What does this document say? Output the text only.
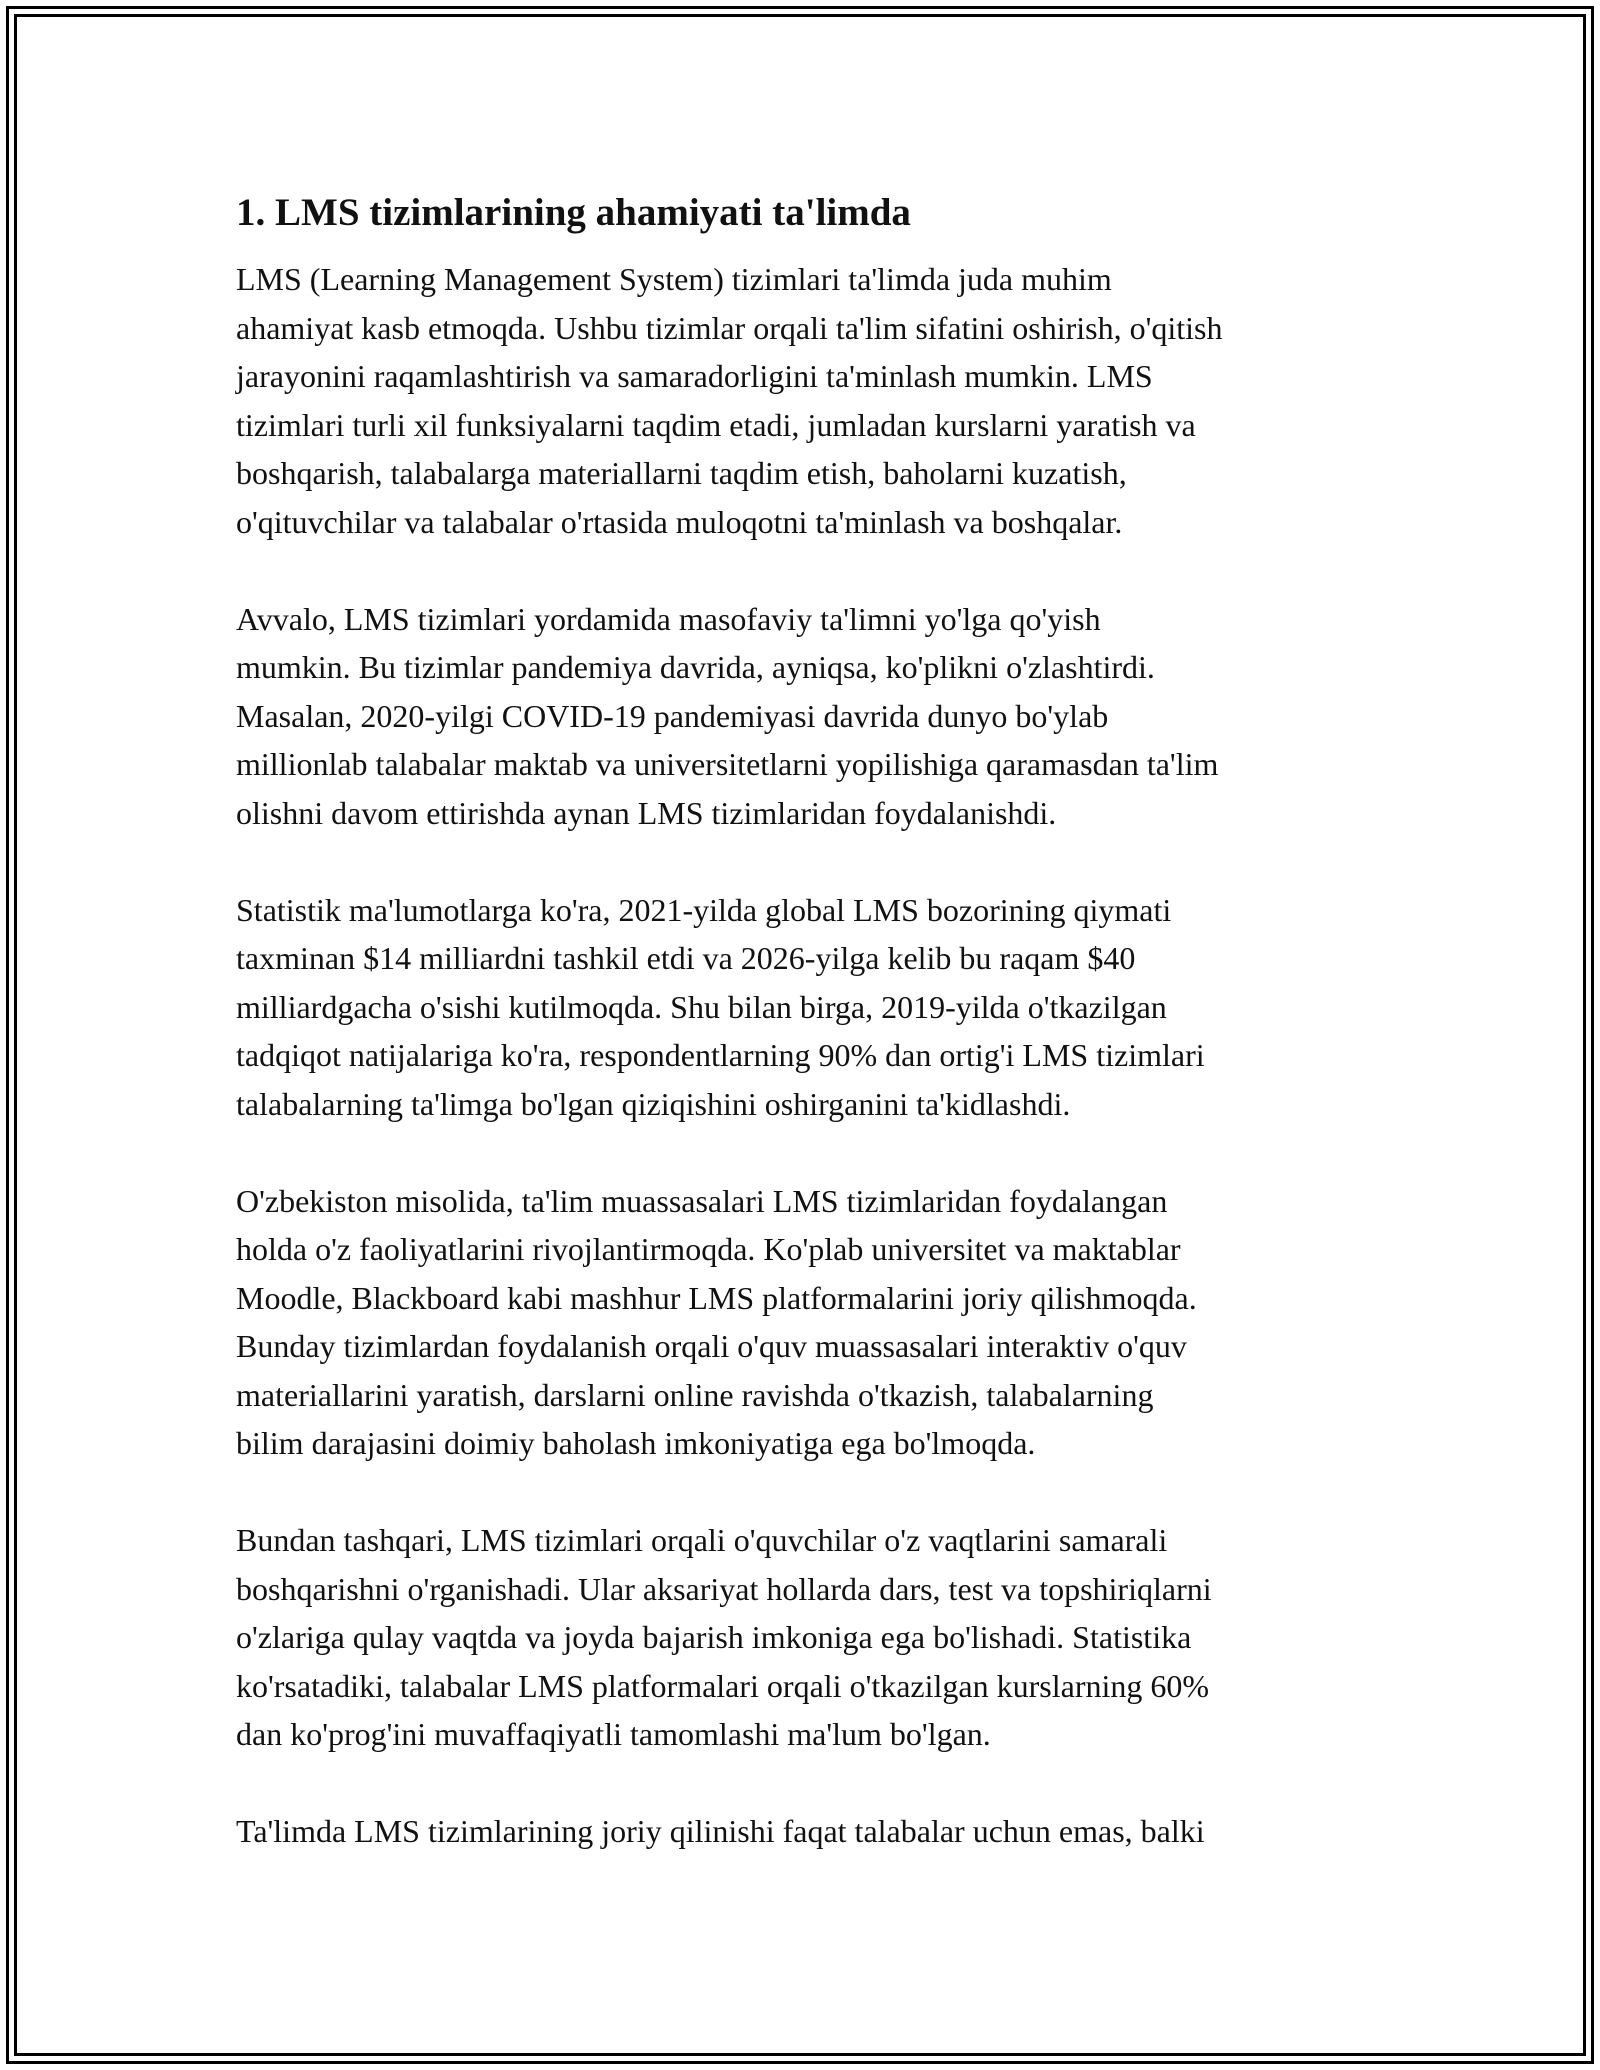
1. LMS tizimlarining ahamiyati ta'limda

LMS (Learning Management System) tizimlari ta'limda juda muhim
ahamiyat kasb etmoqda. Ushbu tizimlar orqali ta'lim sifatini oshirish, o'qitish
jarayonini raqamlashtirish va samaradorligini ta'minlash mumkin. LMS
tizimlari turli xil funksiyalarni taqdim etadi, jumladan kurslarni yaratish va
boshqarish, talabalarga materiallarni taqdim etish, baholarni kuzatish,
o'qituvchilar va talabalar o'rtasida muloqotni ta'minlash va boshqalar.

Avvalo, LMS tizimlari yordamida masofaviy ta'limni yo'lga qo'yish
mumkin. Bu tizimlar pandemiya davrida, ayniqsa, ko'plikni o'zlashtirdi.
Masalan, 2020-yilgi COVID-19 pandemiyasi davrida dunyo bo'ylab
millionlab talabalar maktab va universitetlarni yopilishiga qaramasdan ta'lim
olishni davom ettirishda aynan LMS tizimlaridan foydalanishdi.

Statistik ma'lumotlarga ko'ra, 2021-yilda global LMS bozorining qiymati
taxminan $14 milliardni tashkil etdi va 2026-yilga kelib bu raqam $40
milliardgacha o'sishi kutilmoqda. Shu bilan birga, 2019-yilda o'tkazilgan
tadqiqot natijalariga ko'ra, respondentlarning 90% dan ortig'i LMS tizimlari
talabalarning ta'limga bo'lgan qiziqishini oshirganini ta'kidlashdi.

O'zbekiston misolida, ta'lim muassasalari LMS tizimlaridan foydalangan
holda o'z faoliyatlarini rivojlantirmoqda. Ko'plab universitet va maktablar
Moodle, Blackboard kabi mashhur LMS platformalarini joriy qilishmoqda.
Bunday tizimlardan foydalanish orqali o'quv muassasalari interaktiv o'quv
materiallarini yaratish, darslarni online ravishda o'tkazish, talabalarning
bilim darajasini doimiy baholash imkoniyatiga ega bo'lmoqda.

Bundan tashqari, LMS tizimlari orqali o'quvchilar o'z vaqtlarini samarali
boshqarishni o'rganishadi. Ular aksariyat hollarda dars, test va topshiriqlarni
o'zlariga qulay vaqtda va joyda bajarish imkoniga ega bo'lishadi. Statistika
ko'rsatadiki, talabalar LMS platformalari orqali o'tkazilgan kurslarning 60%
dan ko'prog'ini muvaffaqiyatli tamomlashi ma'lum bo'lgan.

Ta'limda LMS tizimlarining joriy qilinishi faqat talabalar uchun emas, balki
